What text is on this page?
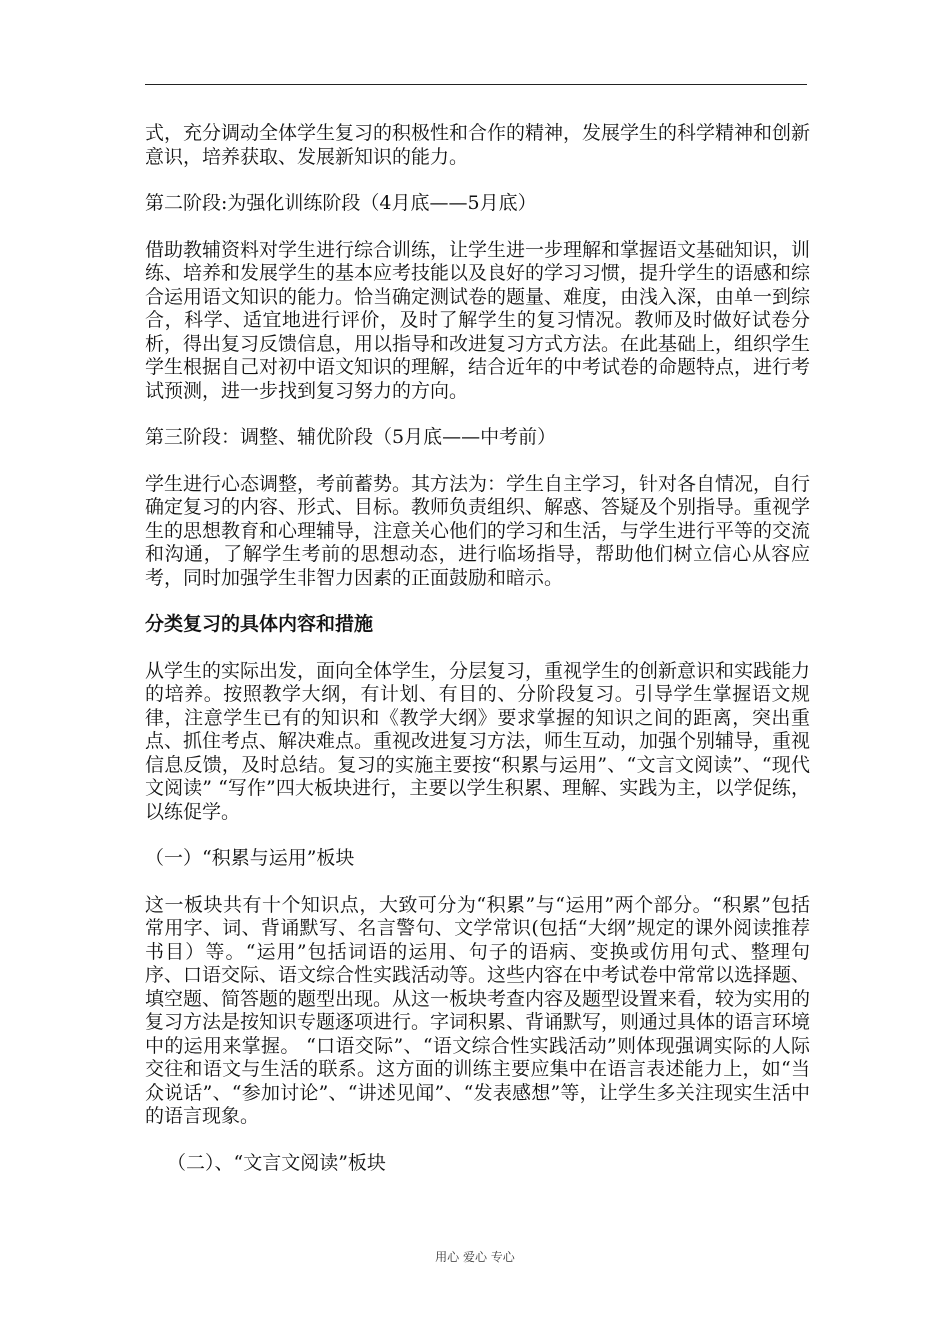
式，充分调动全体学生复习的积极性和合作的精神，发展学生的科学精神和创新意识，培养获取、发展新知识的能力。

第二阶段:为强化训练阶段（4月底——5月底）

借助教辅资料对学生进行综合训练，让学生进一步理解和掌握语文基础知识，训练、培养和发展学生的基本应考技能以及良好的学习习惯，提升学生的语感和综合运用语文知识的能力。恰当确定测试卷的题量、难度，由浅入深，由单一到综合，科学、适宜地进行评价，及时了解学生的复习情况。教师及时做好试卷分析，得出复习反馈信息，用以指导和改进复习方式方法。在此基础上，组织学生学生根据自己对初中语文知识的理解，结合近年的中考试卷的命题特点，进行考试预测，进一步找到复习努力的方向。

第三阶段：调整、辅优阶段（5月底——中考前）

学生进行心态调整，考前蓄势。其方法为：学生自主学习，针对各自情况，自行确定复习的内容、形式、目标。教师负责组织、解惑、答疑及个别指导。重视学生的思想教育和心理辅导，注意关心他们的学习和生活，与学生进行平等的交流和沟通，了解学生考前的思想动态，进行临场指导，帮助他们树立信心从容应考，同时加强学生非智力因素的正面鼓励和暗示。

分类复习的具体内容和措施

从学生的实际出发，面向全体学生，分层复习，重视学生的创新意识和实践能力的培养。按照教学大纲，有计划、有目的、分阶段复习。引导学生掌握语文规律，注意学生已有的知识和《教学大纲》要求掌握的知识之间的距离，突出重点、抓住考点、解决难点。重视改进复习方法，师生互动，加强个别辅导，重视信息反馈，及时总结。复习的实施主要按“积累与运用”、“文言文阅读”、“现代文阅读” “写作”四大板块进行，主要以学生积累、理解、实践为主，以学促练，以练促学。

（一）“积累与运用”板块

这一板块共有十个知识点，大致可分为“积累”与“运用”两个部分。“积累”包括常用字、词、背诵默写、名言警句、文学常识(包括“大纲”规定的课外阅读推荐书目）等。“运用”包括词语的运用、句子的语病、变换或仿用句式、整理句序、口语交际、语文综合性实践活动等。这些内容在中考试卷中常常以选择题、填空题、简答题的题型出现。从这一板块考查内容及题型设置来看，较为实用的复习方法是按知识专题逐项进行。字词积累、背诵默写，则通过具体的语言环境中的运用来掌握。 “口语交际”、“语文综合性实践活动”则体现强调实际的人际交往和语文与生活的联系。这方面的训练主要应集中在语言表述能力上，如“当众说话”、“参加讨论”、“讲述见闻”、“发表感想”等，让学生多关注现实生活中的语言现象。

（二）、“文言文阅读”板块

用心 爱心 专心
